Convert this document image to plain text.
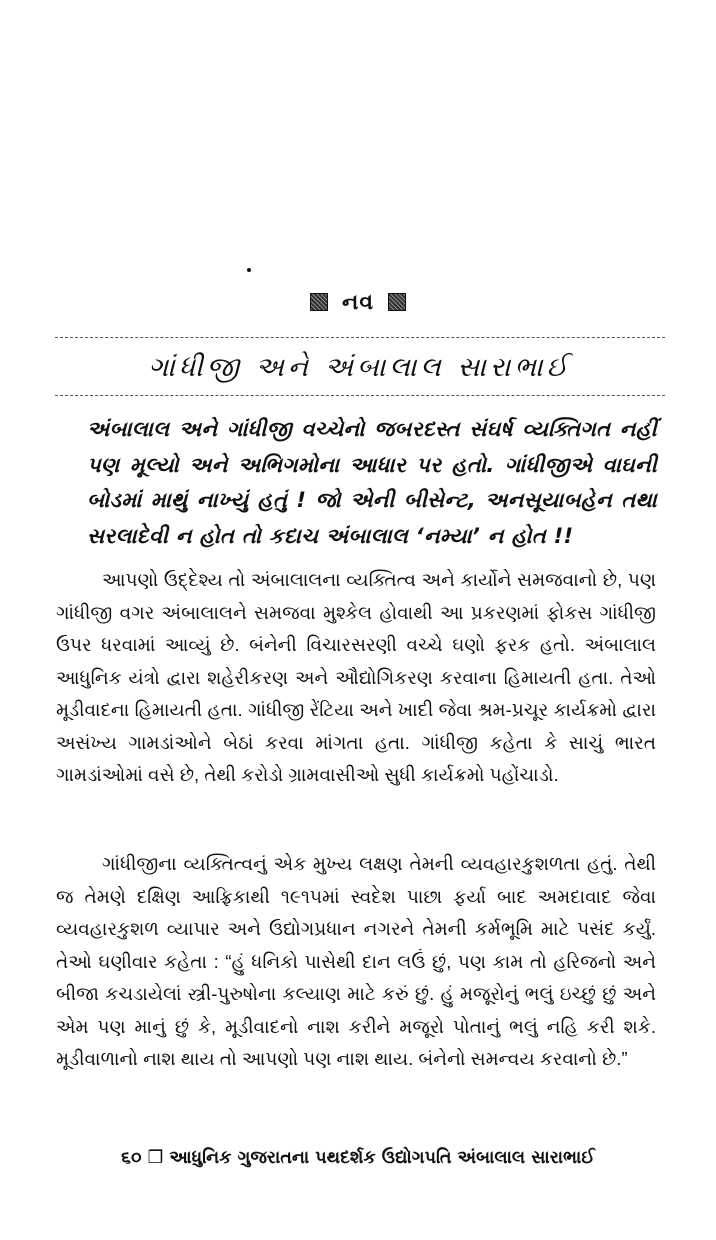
નવ
ગાંધીજી અને અંબાલાલ સારાભાઈ
અંબાલાલ અને ગાંધીજી વચ્ચેનો જબરદસ્ત સંઘર્ષ વ્યક્તિગત નહીં પણ મૂલ્યો અને અભિગમોના આધાર પર હતો. ગાંધીજીએ વાઘની બોડમાં માથું નાખ્યું હતું ! જો એની બીસેન્ટ, અનસૂયાબહેન તથા સરલાદેવી ન હોત તો કદાચ અંબાલાલ ‘નમ્યા’ ન હોત !!
આપણો ઉદ્દેશ્ય તો અંબાલાલના વ્યક્તિત્વ અને કાર્યોને સમજવાનો છે, પણ ગાંધીજી વગર અંબાલાલને સમજવા મુશ્કેલ હોવાથી આ પ્રકરણમાં ફોકસ ગાંધીજી ઉપર ધરવામાં આવ્યું છે. બંનેની વિચારસરણી વચ્ચે ઘણો ફરક હતો. અંબાલાલ આધુનિક યંત્રો દ્વારા શહેરીકરણ અને ઔદ્યોગિકરણ કરવાના હિમાયતી હતા. તેઓ મૂડીવાદના હિમાયતી હતા. ગાંધીજી રેંટિયા અને ખાદી જેવા શ્રમ-પ્રચૂર કાર્યક્રમો દ્વારા અસંખ્ય ગામડાંઓને બેઠાં કરવા માંગતા હતા. ગાંધીજી કહેતા કે સાચું ભારત ગામડાંઓમાં વસે છે, તેથી કરોડો ગ્રામવાસીઓ સુધી કાર્યક્રમો પહોંચાડો.
ગાંધીજીના વ્યક્તિત્વનું એક મુખ્ય લક્ષણ તેમની વ્યવહારકુશળતા હતું. તેથી જ તેમણે દક્ષિણ આફ્રિકાથી ૧૯૧૫માં સ્વદેશ પાછા ફર્યા બાદ અમદાવાદ જેવા વ્યવહારકુશળ વ્યાપાર અને ઉદ્યોગપ્રધાન નગરને તેમની કર્મભૂમિ માટે પસંદ કર્યું. તેઓ ઘણીવાર કહેતા : “હું ધનિકો પાસેથી દાન લઉં છું, પણ કામ તો હરિજનો અને બીજા કચડાયેલાં સ્ત્રી-પુરુષોના કલ્યાણ માટે કરું છું. હું મજૂરોનું ભલું ઇચ્છું છું અને એમ પણ માનું છું કે, મૂડીવાદનો નાશ કરીને મજૂરો પોતાનું ભલું નહિ કરી શકે. મૂડીવાળાનો નાશ થાય તો આપણો પણ નાશ થાય. બંનેનો સમન્વય કરવાનો છે.”
૬૦ ❒ આધુનિક ગુજરાતના પથદર્શક ઉદ્યોગપતિ અંબાલાલ સારાભાઈ
